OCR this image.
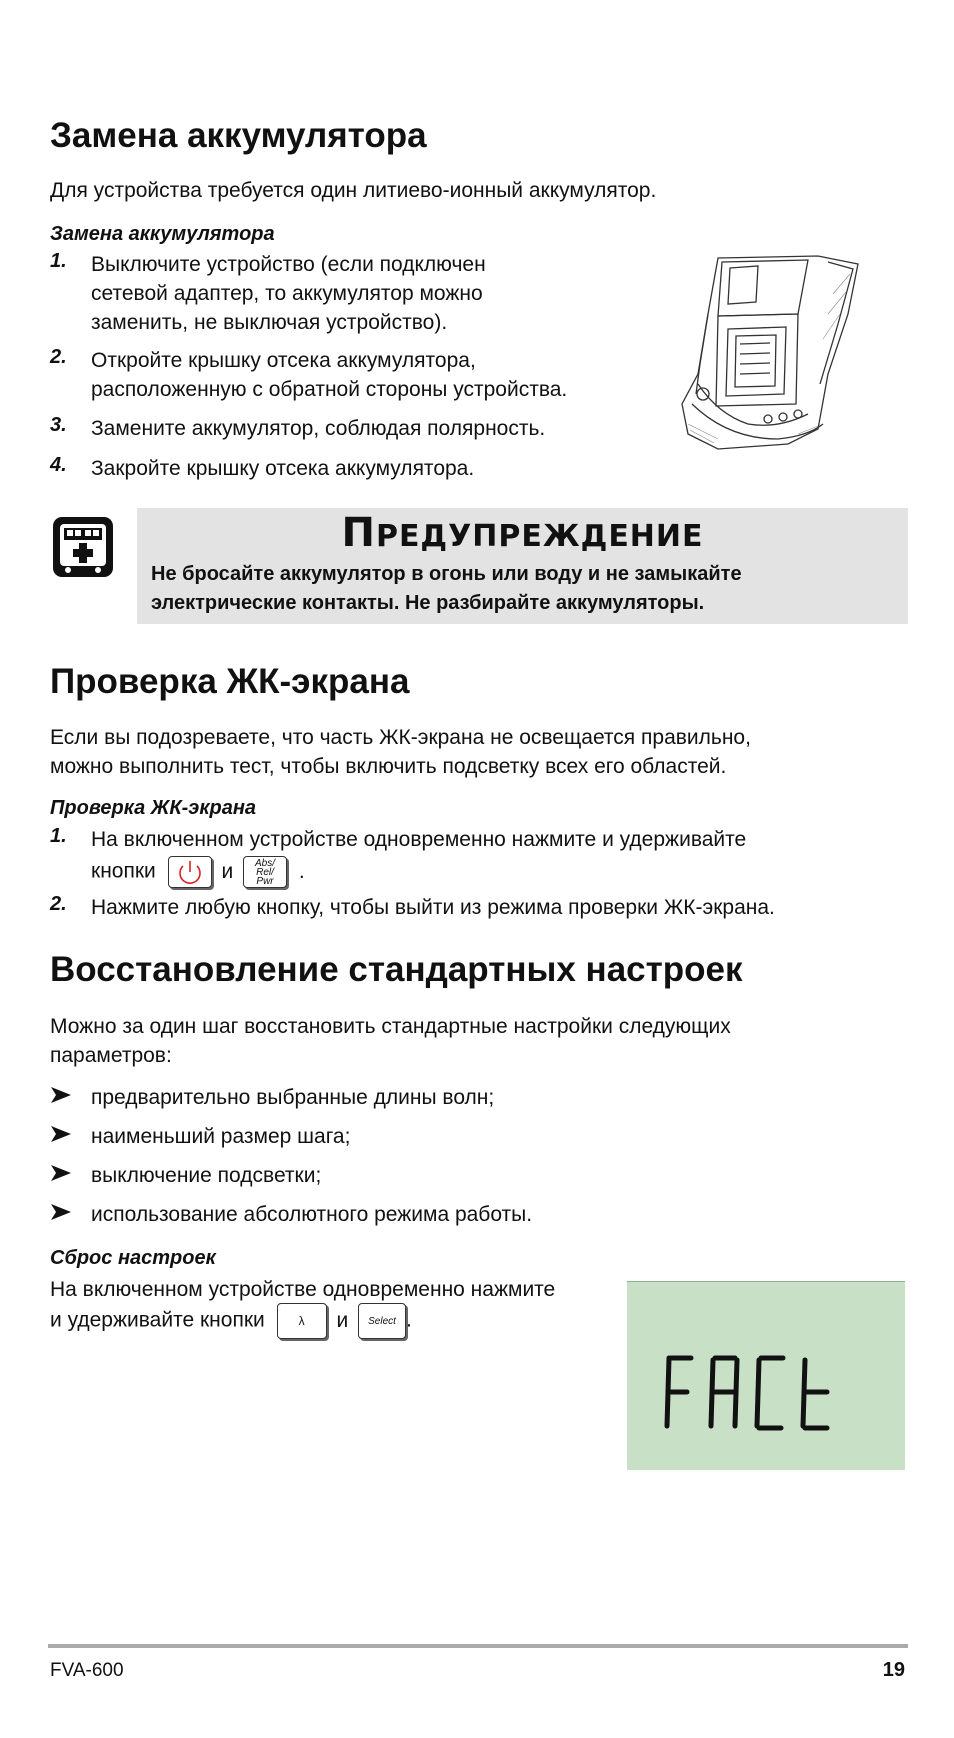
Замена аккумулятора

Для устройства требуется один литиево-ионный аккумулятор.

Замена аккумулятора
1. Выключите устройство (если подключен
сетевой адаптер, то аккумулятор можно
заменить, не выключая устройство).
2. Откройте крышку отсека аккумулятора,
расположенную с обратной стороны устройства.
3. Замените аккумулятор, соблюдая полярность.
4. Закройте крышку отсека аккумулятора.
ПРЕДУПРЕЖДЕНИЕ
Не бросайте аккумулятор в огонь или воду и не замыкайте
электрические контакты. Не разбирайте аккумуляторы.
Проверка ЖК-экрана
Если вы подозреваете, что часть ЖК-экрана не освещается правильно,
можно выполнить тест, чтобы включить подсветку всех его областей.
Проверка ЖК-экрана
1. На включенном устройстве одновременно нажмите и удерживайте
кнопки	и Abs/
Rel/
Pwr .
2. Нажмите любую кнопку, чтобы выйти из режима проверки ЖК-экрана.
Восстановление стандартных настроек
Можно за один шаг восстановить стандартные настройки следующих
параметров:
предварительно выбранные длины волн;
наименьший размер шага;
выключение подсветки;
использование абсолютного режима работы.
Сброс настроек
На включенном устройстве одновременно нажмите
и удерживайте кнопки	λ	и	Select .
FACt
FVA-600	19
